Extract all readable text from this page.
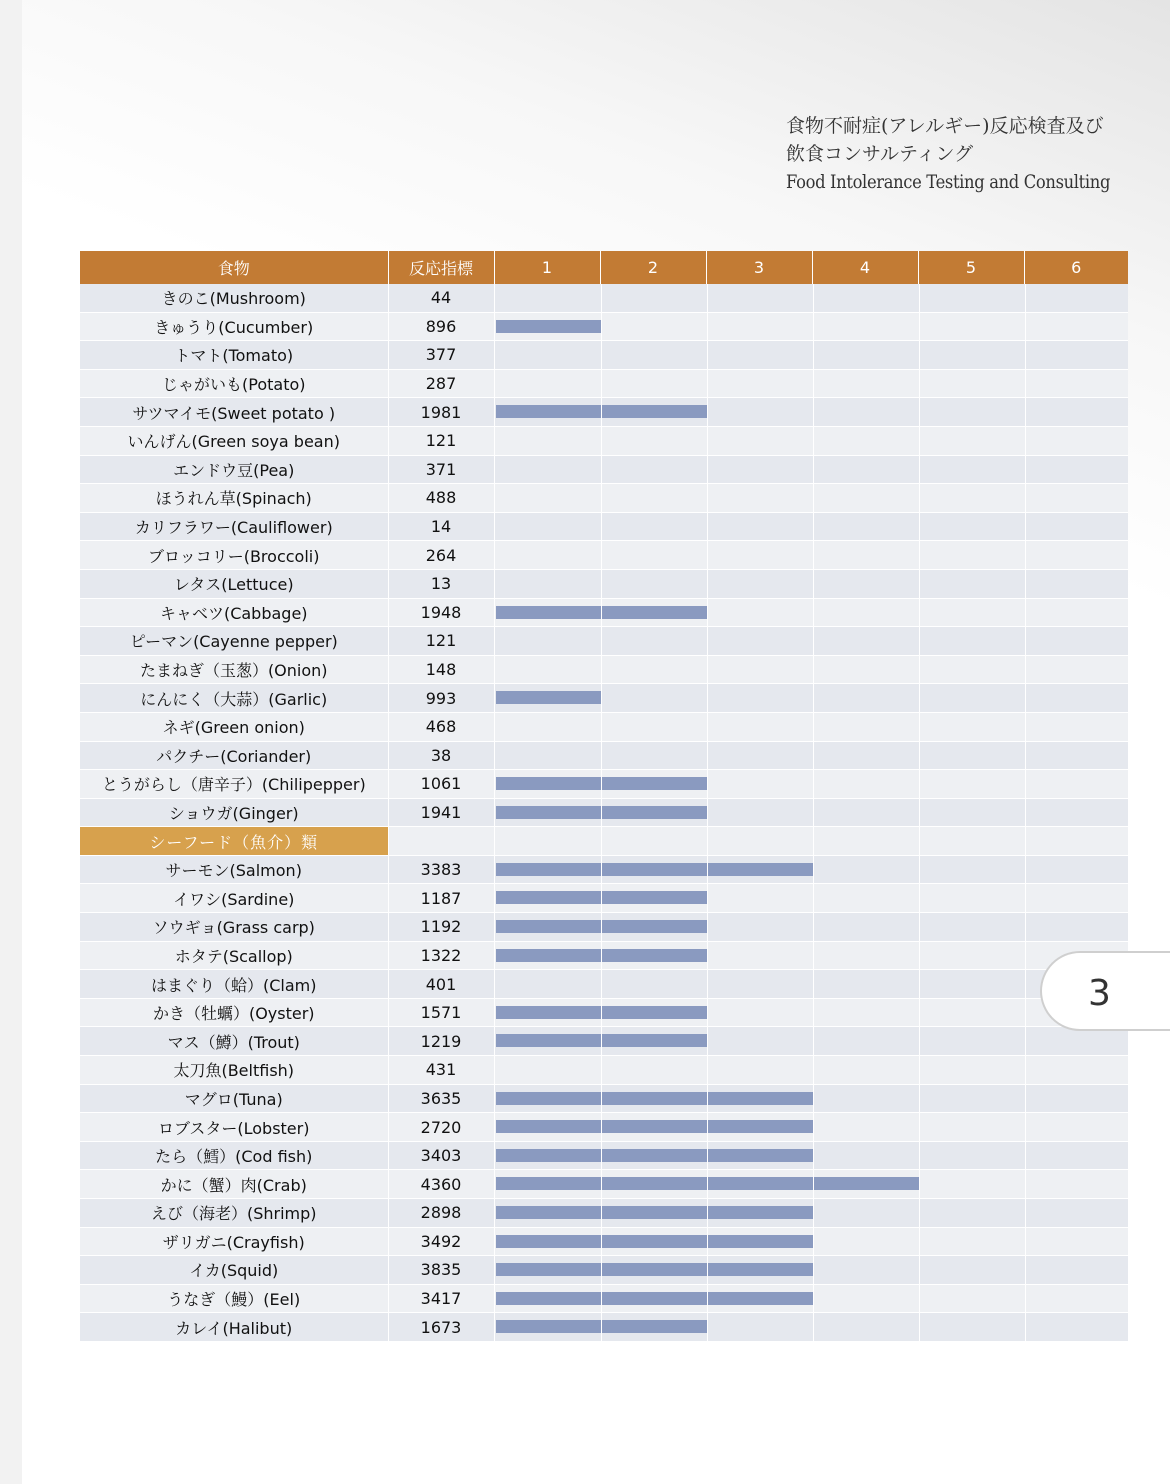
食物不耐症(アレルギー)反応検査及び
飲食コンサルティング
Food Intolerance Testing and Consulting
食物	反応指標	1	2	3	4	5	6
きのこ(Mushroom)	44						

きゅうり(Cucumber)	896						

トマト(Tomato)	377						

じゃがいも(Potato)	287						

サツマイモ(Sweet potato )	1981						

いんげん(Green soya bean)	121						

エンドウ豆(Pea)	371						

ほうれん草(Spinach)	488						

カリフラワー(Cauliflower)	14						

ブロッコリー(Broccoli)	264						

レタス(Lettuce)	13						

キャベツ(Cabbage)	1948						

ピーマン(Cayenne pepper)	121						

たまねぎ（玉葱）(Onion)	148						

にんにく（大蒜）(Garlic)	993						

ネギ(Green onion)	468						

パクチー(Coriander)	38						

とうがらし（唐辛子）(Chilipepper)	1061						

ショウガ(Ginger)	1941						

シーフード（魚介）類							

サーモン(Salmon)	3383						

イワシ(Sardine)	1187						

ソウギョ(Grass carp)	1192						

ホタテ(Scallop)	1322						

はまぐり（蛤）(Clam)	401						

かき（牡蠣）(Oyster)	1571						

マス（鱒）(Trout)	1219						

太刀魚(Beltfish)	431						

マグロ(Tuna)	3635						

ロブスター(Lobster)	2720						

たら（鱈）(Cod fish)	3403						

かに（蟹）肉(Crab)	4360						

えび（海老）(Shrimp)	2898						

ザリガニ(Crayfish)	3492						

イカ(Squid)	3835						

うなぎ（鰻）(Eel)	3417						

カレイ(Halibut)	1673						
3
